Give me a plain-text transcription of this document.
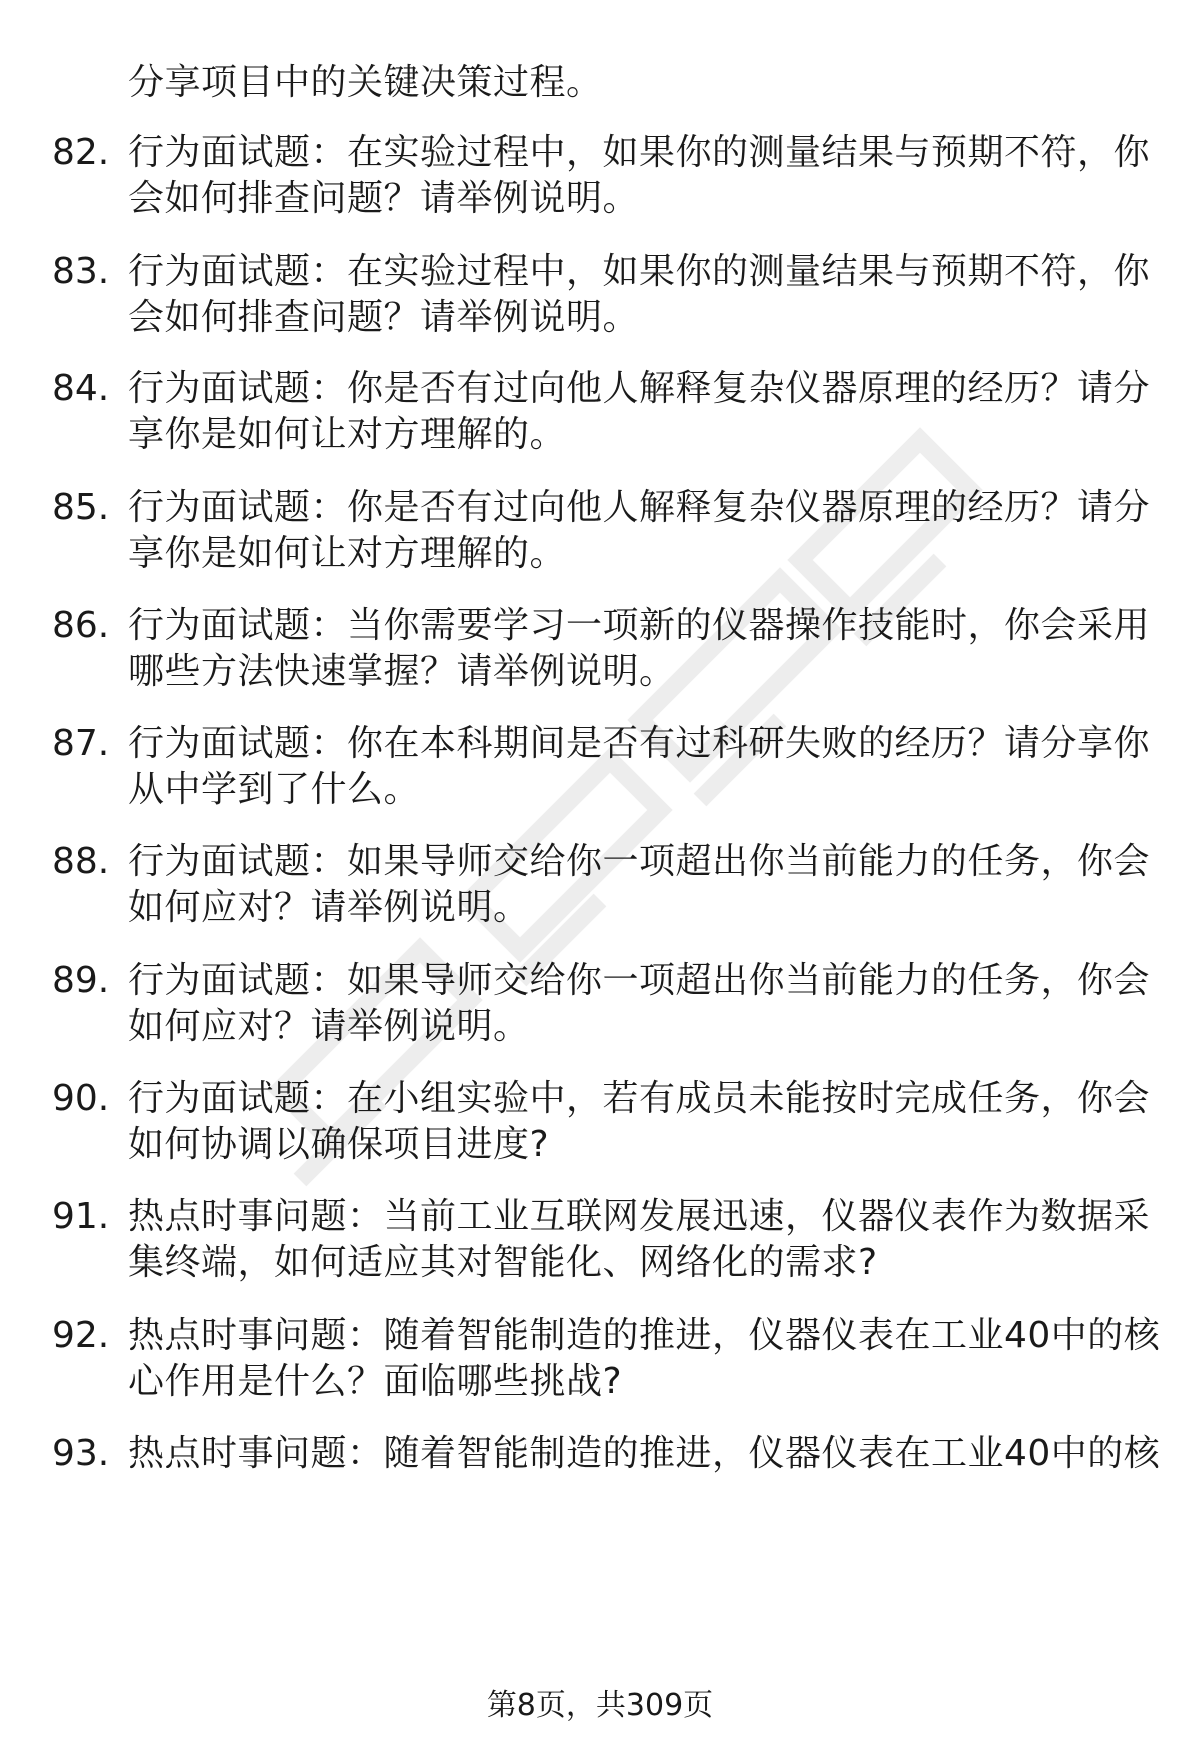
分享项目中的关键决策过程。
82. 行为面试题：在实验过程中，如果你的测量结果与预期不符，你
会如何排查问题？请举例说明。
83. 行为面试题：在实验过程中，如果你的测量结果与预期不符，你
会如何排查问题？请举例说明。
84. 行为面试题：你是否有过向他人解释复杂仪器原理的经历？请分
享你是如何让对方理解的。
85. 行为面试题：你是否有过向他人解释复杂仪器原理的经历？请分
享你是如何让对方理解的。
86. 行为面试题：当你需要学习一项新的仪器操作技能时，你会采用
哪些方法快速掌握？请举例说明。
87. 行为面试题：你在本科期间是否有过科研失败的经历？请分享你
从中学到了什么。
88. 行为面试题：如果导师交给你一项超出你当前能力的任务，你会
如何应对？请举例说明。
89. 行为面试题：如果导师交给你一项超出你当前能力的任务，你会
如何应对？请举例说明。
90. 行为面试题：在小组实验中，若有成员未能按时完成任务，你会
如何协调以确保项目进度?
91. 热点时事问题：当前工业互联网发展迅速，仪器仪表作为数据采
集终端，如何适应其对智能化、网络化的需求?
92. 热点时事问题：随着智能制造的推进，仪器仪表在工业40中的核
心作用是什么？面临哪些挑战?
93. 热点时事问题：随着智能制造的推进，仪器仪表在工业40中的核
第8页，共309页
